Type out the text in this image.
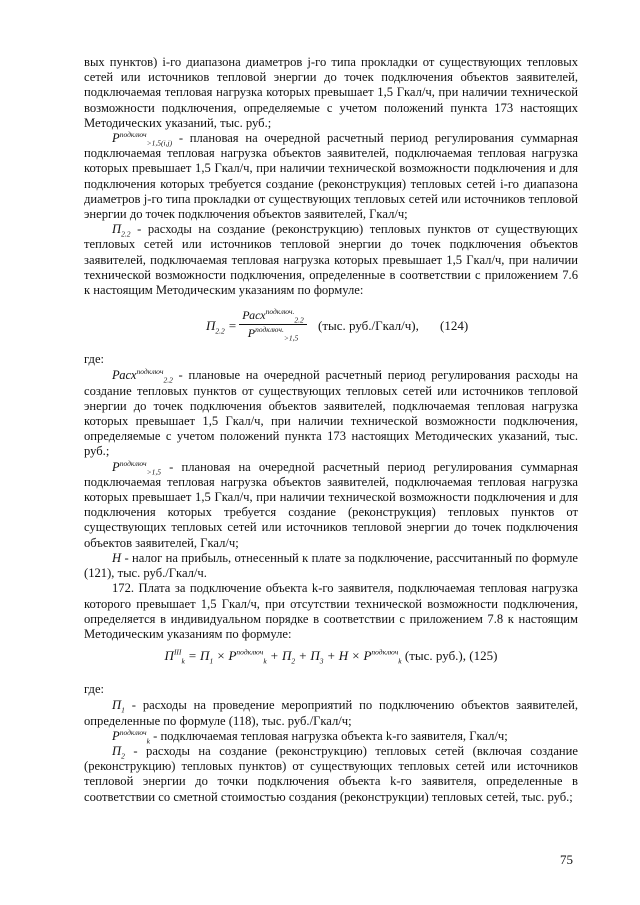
вых пунктов) i-го диапазона диаметров j-го типа прокладки от существующих тепловых сетей или источников тепловой энергии до точек подключения объектов заявителей, подключаемая тепловая нагрузка которых превышает 1,5 Гкал/ч, при наличии технической возможности подключения, определяемые с учетом положений пункта 173 настоящих Методических указаний, тыс. руб.;

$P^{подключ}_{>1,5(i,j)}$ - плановая на очередной расчетный период регулирования суммарная подключаемая тепловая нагрузка объектов заявителей, подключаемая тепловая нагрузка которых превышает 1,5 Гкал/ч, при наличии технической возможности подключения и для подключения которых требуется создание (реконструкция) тепловых сетей i-го диапазона диаметров j-го типа прокладки от существующих тепловых сетей или источников тепловой энергии до точек подключения объектов заявителей, Гкал/ч;

$П_{2.2}$ - расходы на создание (реконструкцию) тепловых пунктов от существующих тепловых сетей или источников тепловой энергии до точек подключения объектов заявителей, подключаемая тепловая нагрузка которых превышает 1,5 Гкал/ч, при наличии технической возможности подключения, определенные в соответствии с приложением 7.6 к настоящим Методическим указаниям по формуле:

$П_{2.2}$ =
Расх$^{подключ.}_{2.2}$
$P^{подключ.}_{>1,5}$
(тыс. руб./Гкал/ч), (124)

где:

Расх$^{подключ}_{2.2}$ - плановые на очередной расчетный период регулирования расходы на создание тепловых пунктов от существующих тепловых сетей или источников тепловой энергии до точек подключения объектов заявителей, подключаемая тепловая нагрузка которых превышает 1,5 Гкал/ч, при наличии технической возможности подключения, определяемые с учетом положений пункта 173 настоящих Методических указаний, тыс. руб.;

$P^{подключ}_{>1,5}$ - плановая на очередной расчетный период регулирования суммарная подключаемая тепловая нагрузка объектов заявителей, подключаемая тепловая нагрузка которых превышает 1,5 Гкал/ч, при наличии технической возможности подключения и для подключения которых требуется создание (реконструкция) тепловых пунктов от существующих тепловых сетей или источников тепловой энергии до точек подключения объектов заявителей, Гкал/ч;

Н - налог на прибыль, отнесенный к плате за подключение, рассчитанный по формуле (121), тыс. руб./Гкал/ч.

172. Плата за подключение объекта k-го заявителя, подключаемая тепловая нагрузка которого превышает 1,5 Гкал/ч, при отсутствии технической возможности подключения, определяется в индивидуальном порядке в соответствии с приложением 7.8 к настоящим Методическим указаниям по формуле:

$П^{III}_k = П_1 \times P^{подключ}_k + П_2 + П_3 + Н \times P^{подключ}_k$ (тыс. руб.), (125)

где:

$П_1$ - расходы на проведение мероприятий по подключению объектов заявителей, определенные по формуле (118), тыс. руб./Гкал/ч;

$P^{подключ}_k$ - подключаемая тепловая нагрузка объекта k-го заявителя, Гкал/ч;

$П_2$ - расходы на создание (реконструкцию) тепловых сетей (включая создание (реконструкцию) тепловых пунктов) от существующих тепловых сетей или источников тепловой энергии до точки подключения объекта k-го заявителя, определенные в соответствии со сметной стоимостью создания (реконструкции) тепловых сетей, тыс. руб.;

75
